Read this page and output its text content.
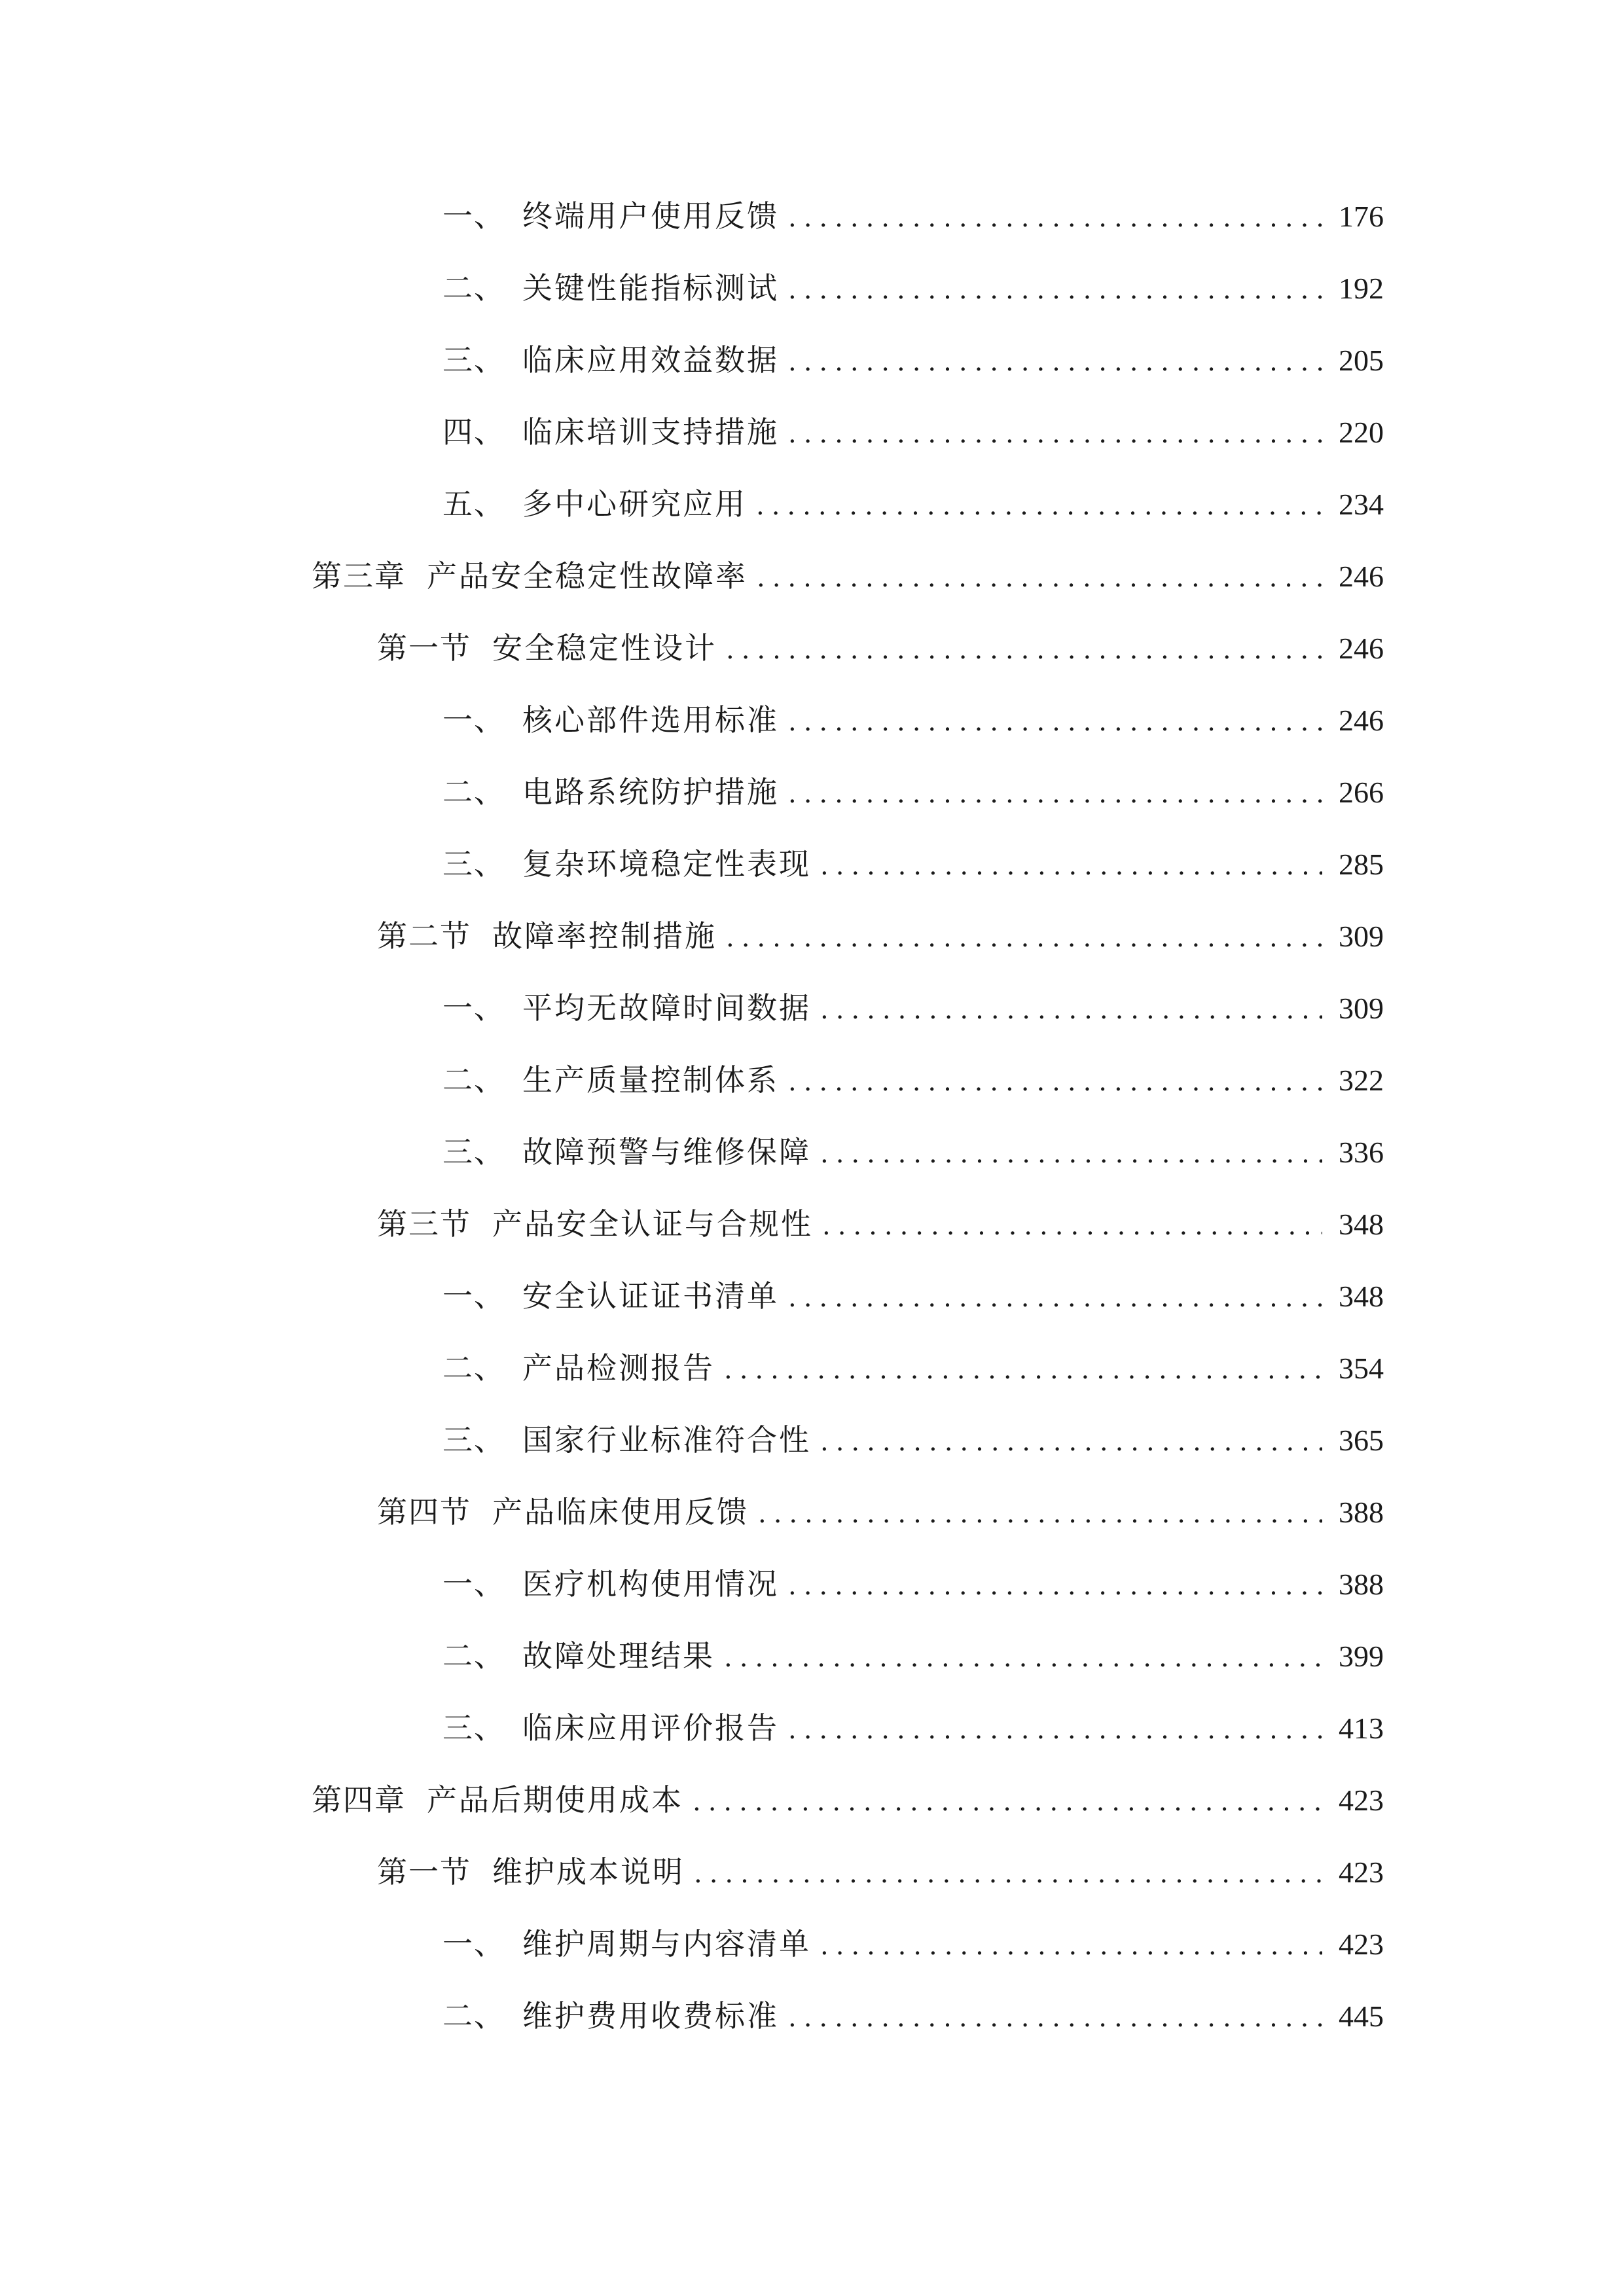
一、 终端用户使用反馈 .....	176
二、 关键性能指标测试 .....	192
三、 临床应用效益数据 .....	205
四、 临床培训支持措施 .....	220
五、 多中心研究应用 .....	234
第三章 产品安全稳定性故障率 .....	246
第一节 安全稳定性设计 .....	246
一、 核心部件选用标准 .....	246
二、 电路系统防护措施 .....	266
三、 复杂环境稳定性表现 .....	285
第二节 故障率控制措施 .....	309
一、 平均无故障时间数据 .....	309
二、 生产质量控制体系 .....	322
三、 故障预警与维修保障 .....	336
第三节 产品安全认证与合规性 .....	348
一、 安全认证证书清单 .....	348
二、 产品检测报告 .....	354
三、 国家行业标准符合性 .....	365
第四节 产品临床使用反馈 .....	388
一、 医疗机构使用情况 .....	388
二、 故障处理结果 .....	399
三、 临床应用评价报告 .....	413
第四章 产品后期使用成本 .....	423
第一节 维护成本说明 .....	423
一、 维护周期与内容清单 .....	423
二、 维护费用收费标准 .....	445
